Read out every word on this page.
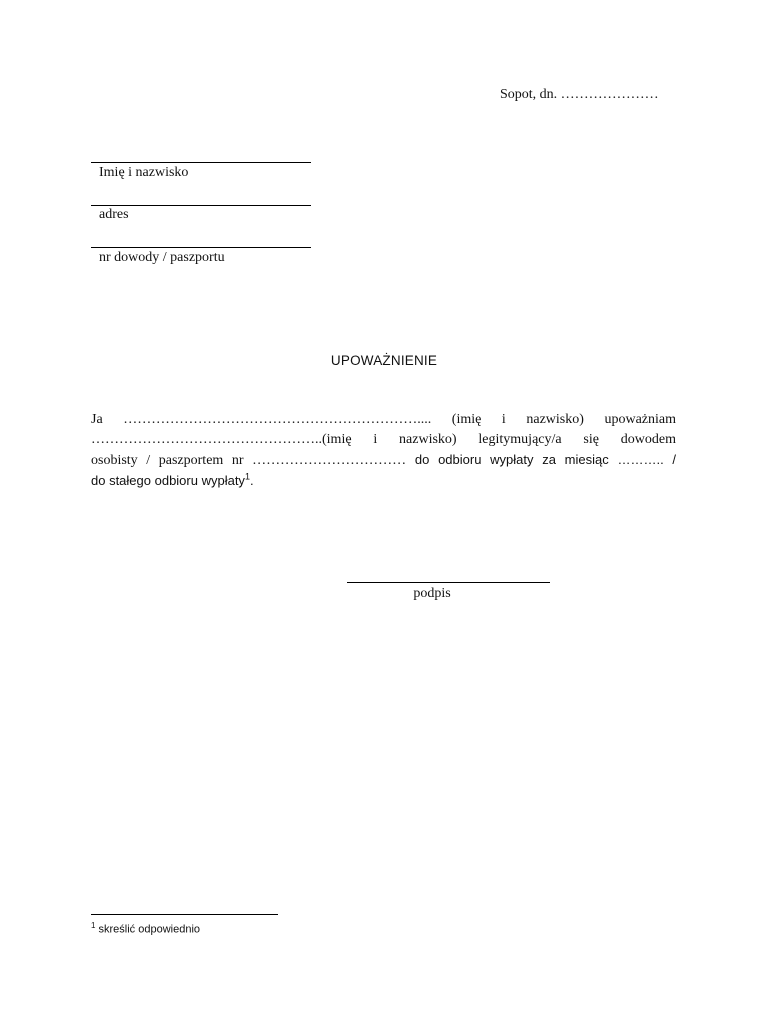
Sopot, dn. …………………
Imię i nazwisko
adres
nr dowody / paszportu
UPOWAŻNIENIE
Ja ……………………………………………………….... (imię i nazwisko) upoważniam
…………………………………………..(imię i nazwisko) legitymujący/a się dowodem
osobisty / paszportem nr …………………………… do odbioru wypłaty za miesiąc ……….. /
do stałego odbioru wypłaty$^1$.
podpis
$^1$ skreślić odpowiednio
